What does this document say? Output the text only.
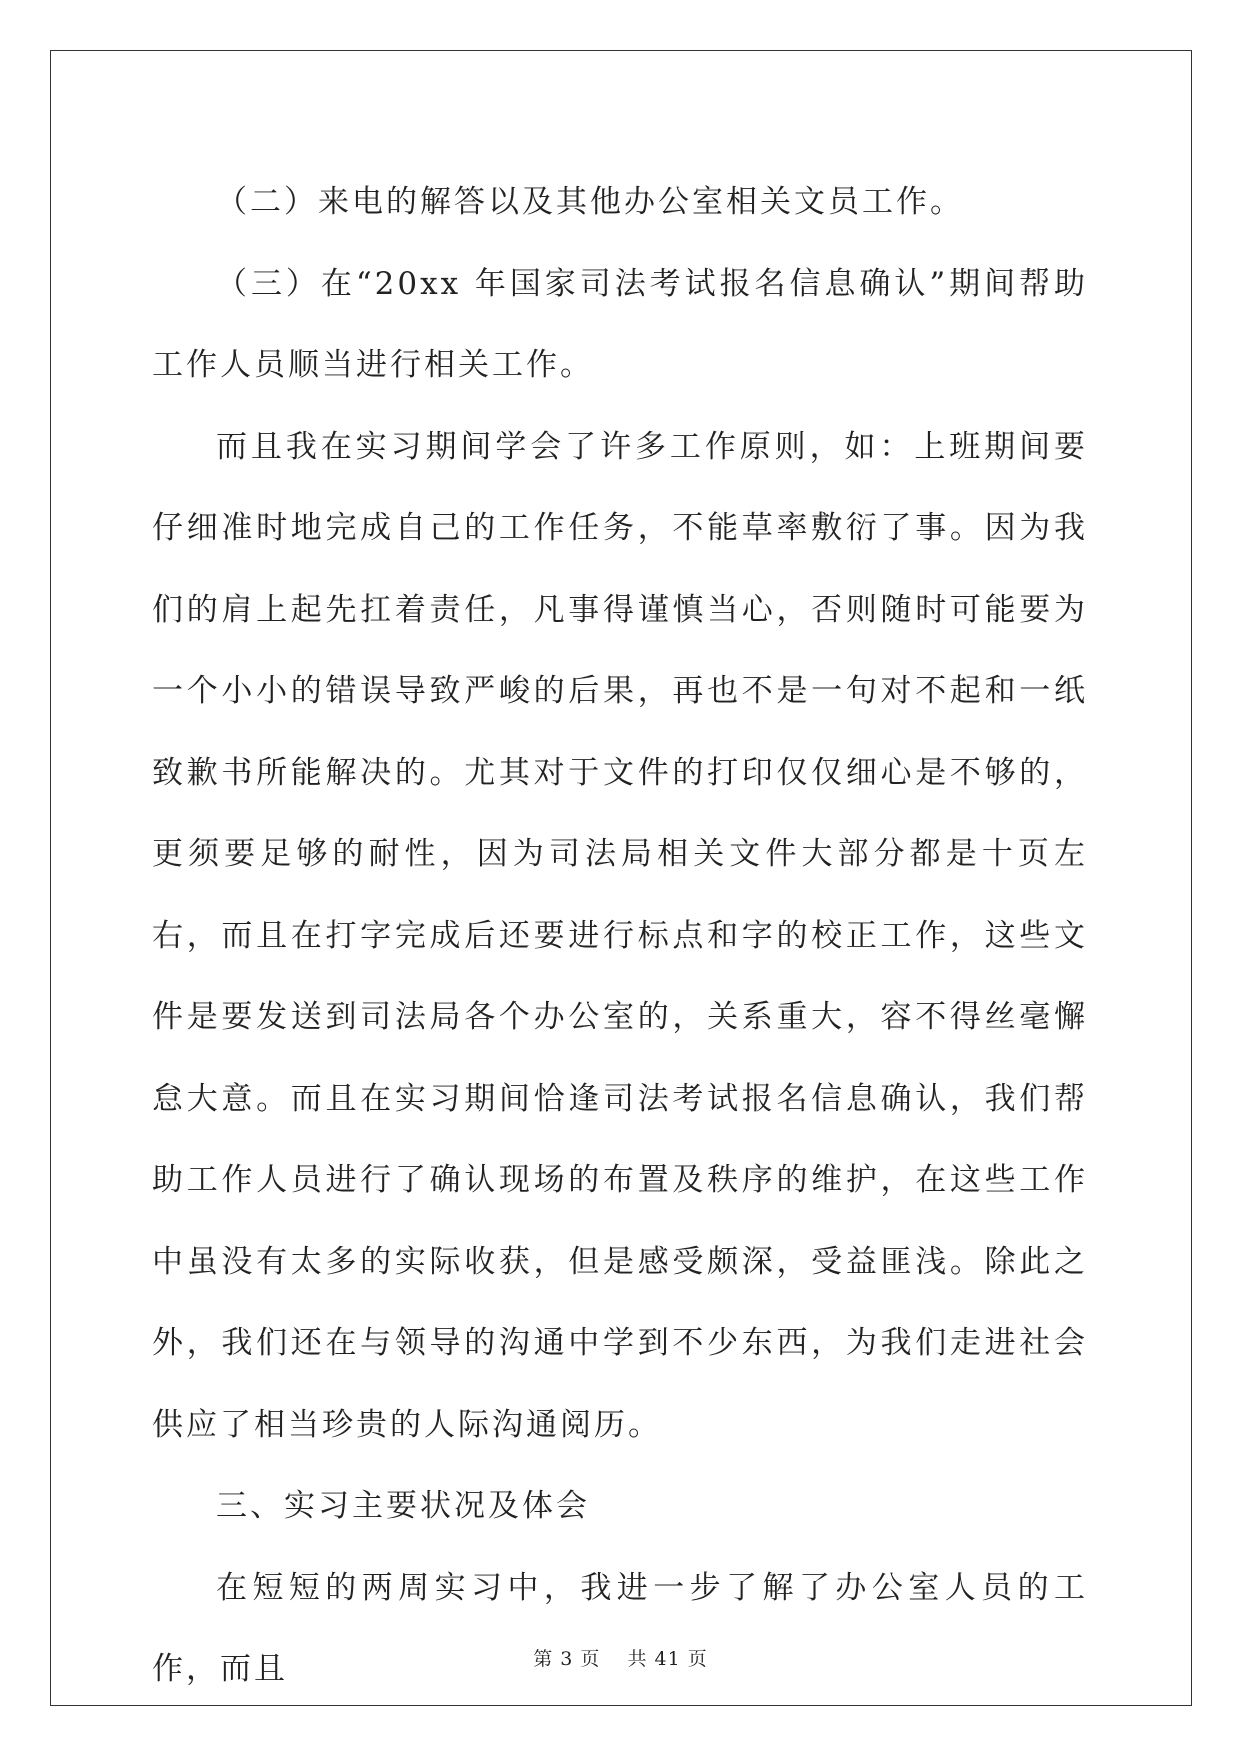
（二）来电的解答以及其他办公室相关文员工作。

（三）在“20xx 年国家司法考试报名信息确认”期间帮助工作人员顺当进行相关工作。

而且我在实习期间学会了许多工作原则，如：上班期间要仔细准时地完成自己的工作任务，不能草率敷衍了事。因为我们的肩上起先扛着责任，凡事得谨慎当心，否则随时可能要为一个小小的错误导致严峻的后果，再也不是一句对不起和一纸致歉书所能解决的。尤其对于文件的打印仅仅细心是不够的，更须要足够的耐性，因为司法局相关文件大部分都是十页左右，而且在打字完成后还要进行标点和字的校正工作，这些文件是要发送到司法局各个办公室的，关系重大，容不得丝毫懈怠大意。而且在实习期间恰逢司法考试报名信息确认，我们帮助工作人员进行了确认现场的布置及秩序的维护，在这些工作中虽没有太多的实际收获，但是感受颇深，受益匪浅。除此之外，我们还在与领导的沟通中学到不少东西，为我们走进社会供应了相当珍贵的人际沟通阅历。

三、实习主要状况及体会

在短短的两周实习中，我进一步了解了办公室人员的工作，而且	第 3 页　 共 41 页
